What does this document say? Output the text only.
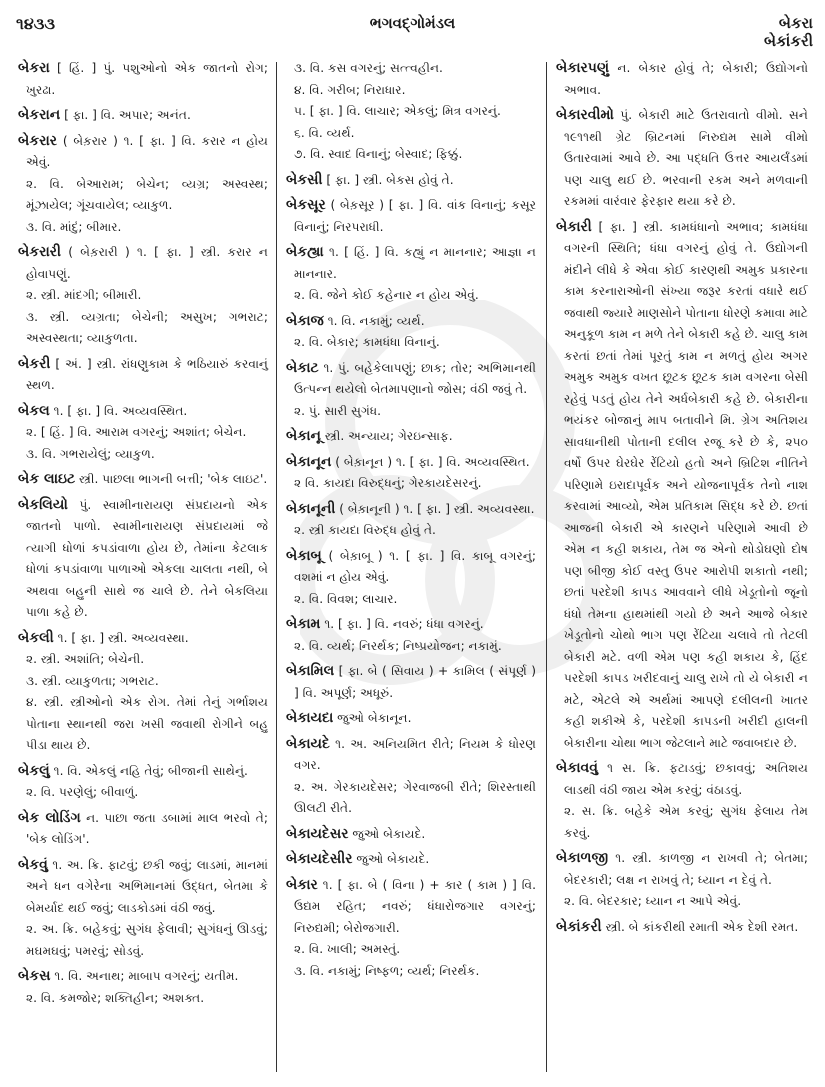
૧૪૩૩	ભગવદ્ગોમંડલ	બેકરા
બેકાંકરી
બેકરા [ હિં. ] પું. પશુઓનો એક જાતનો રોગ; ખુરઢા.
બેકરાન [ ફા. ] વિ. અપાર; અનંત.
બેકરાર ( બેક઼રાર ) ૧. [ ફા. ] વિ. કરાર ન હોય એવું.
૨. વિ. બેઆરામ; બેચેન; વ્યગ્ર; અસ્વસ્થ; મૂંઝાયેલ; ગૂંચવાયેલ; વ્યાકુળ.
૩. વિ. માંદું; બીમાર.
બેકરારી ( બેક઼રારી ) ૧. [ ફા. ] સ્ત્રી. કરાર ન હોવાપણું.
૨. સ્ત્રી. માંદગી; બીમારી.
૩. સ્ત્રી. વ્યગ્રતા; બેચેની; અસુખ; ગભરાટ; અસ્વસ્થતા; વ્યાકુળતા.
બેકરી [ અં. ] સ્ત્રી. રાંધણુકામ કે ભઠિયારું કરવાનું સ્થળ.
બેકલ ૧. [ ફા. ] વિ. અવ્યવસ્થિત.
૨. [ હિં. ] વિ. આરામ વગરનું; અશાંત; બેચેન.
૩. વિ. ગભરાયેલું; વ્યાકુળ.
બેક લાઇટ સ્ત્રી. પાછલા ભાગની બત્તી; 'બેક લાઇટ'.
બેકલિયો પું. સ્વામીનારાયણ સંપ્રદાયનો એક જાતનો પાળો. સ્વામીનારાયણ સંપ્રદાયમાં જે ત્યાગી ધોળાં કપડાંવાળા હોય છે, તેમાંના કેટલાક ધોળાં કપડાંવાળા પાળાઓ એકલા ચાલતા નથી, બે અથવા બહુની સાથે જ ચાલે છે. તેને બેકલિયા પાળા કહે છે.
બેકલી ૧. [ ફા. ] સ્ત્રી. અવ્યવસ્થા.
૨. સ્ત્રી. અશાંતિ; બેચેની.
૩. સ્ત્રી. વ્યાકુળતા; ગભરાટ.
૪. સ્ત્રી. સ્ત્રીઓનો એક રોગ. તેમાં તેનું ગર્ભાશય પોતાના સ્થાનથી જરા ખસી જવાથી રોગીને બહુ પીડા થાય છે.
બેકલું ૧. વિ. એકલું નહિ તેવું; બીજાની સાથેનું.
૨. વિ. પરણેલું; બીવાળું.
બેક લોડિંગ ન. પાછા જતા ડબામાં માલ ભરવો તે; 'બેક લોડિંગ'.
બેકવું ૧. અ. ક્રિ. ફાટવું; છકી જવું; લાડમાં, માનમાં અને ધન વગેરેના અભિમાનમાં ઉદ્ધત, બેતમા કે બેમર્યાદ થઈ જવું; લાડકોડમાં વંઠી જવું.
૨. અ. ક્રિ. બહેકવું; સુગંધ ફેલાવી; સુગંધનું ઊડવું; મઘમઘવું; પમરવું; સોડવું.
બેકસ ૧. વિ. અનાથ; માબાપ વગરનું; યતીમ.
૨. વિ. કમજોર; શક્તિહીન; અશક્ત.
૩. વિ. કસ વગરનું; સત્ત્વહીન.
૪. વિ. ગરીબ; નિરાધાર.
૫. [ ફા. ] વિ. લાચાર; એકલું; મિત્ર વગરનું.
૬. વિ. વ્યર્થ.
૭. વિ. સ્વાદ વિનાનું; બેસ્વાદ; ફિક્કું.
બેકસી [ ફા. ] સ્ત્રી. બેકસ હોવું તે.
બેકસૂર ( બેક઼સૂર ) [ ફા. ] વિ. વાંક વિનાનું; કસૂર વિનાનું; નિરપરાધી.
બેકહ્યા ૧. [ હિં. ] વિ. કહ્યું ન માનનાર; આજ્ઞા ન માનનાર.
૨. વિ. જેને કોઈ કહેનાર ન હોય એવું.
બેકાજ ૧. વિ. નકામું; વ્યર્થ.
૨. વિ. બેકાર; કામધંધા વિનાનું.
બેકાટ ૧. પું. બહેકેલાપણું; છાક; તોર; અભિમાનથી ઉત્પન્ન થયેલો બેતમાપણાનો જોસ; વંઠી જવું તે.
૨. પું. સારી સુગંધ.
બેકાનૂ સ્ત્રી. અન્યાય; ગેરઇન્સાફ.
બેકાનૂન ( બેક઼ાનૂન ) ૧. [ ફા. ] વિ. અવ્યવસ્થિત.
૨ વિ. કાયદા વિરુદ્ધનું; ગેરકાયદેસરનું.
બેકાનૂની ( બેક઼ાનૂની ) ૧. [ ફા. ] સ્ત્રી. અવ્યવસ્થા.
૨. સ્ત્રી કાયદા વિરુદ્ધ હોવું તે.
બેકાબૂ ( બેક઼ાબૂ ) ૧. [ ફા. ] વિ. કાબૂ વગરનું; વશમાં ન હોય એવું.
૨. વિ. વિવશ; લાચાર.
બેકામ ૧. [ ફા. ] વિ. નવરું; ધંધા વગરનું.
૨. વિ. વ્યર્થ; નિરર્થક; નિષ્પ્રયોજન; નકામું.
બેકામિલ [ ફા. બે ( સિવાય ) + કામિલ ( સંપૂર્ણ ) ] વિ. અપૂર્ણ; અધૂરું.
બેકાયદા જુઓ બેકાનૂન.
બેકાયદે ૧. અ. અનિયમિત રીતે; નિયમ કે ધોરણ વગર.
૨. અ. ગેરકાયદેસર; ગેરવાજબી રીતે; શિરસ્તાથી ઊલટી રીતે.
બેકાયદેસર જુઓ બેકાયદે.
બેકાયદેસીર જુઓ બેકાયદે.
બેકાર ૧. [ ફા. બે ( વિના ) + કાર ( કામ ) ] વિ. ઉદ્યમ રહિત; નવરું; ધંધારોજગાર વગરનું; નિરુદ્યમી; બેરોજગારી.
૨. વિ. ખાલી; અમસ્તું.
૩. વિ. નકામું; નિષ્ફળ; વ્યર્થ; નિરર્થક.
બેકારપણું ન. બેકાર હોવું તે; બેકારી; ઉદ્યોગનો અભાવ.
બેકારવીમો પું. બેકારી માટે ઉતરાવાતો વીમો. સને ૧૯૧૧થી ગ્રેટ બ્રિટનમાં નિરુદ્યમ સામે વીમો ઉતારવામાં આવે છે. આ પદ્ધતિ ઉત્તર આયર્લંડમાં પણ ચાલુ થઈ છે. ભરવાની રકમ અને મળવાની રકમમાં વારંવાર ફેરફાર થયા કરે છે.
બેકારી [ ફા. ] સ્ત્રી. કામધંધાનો અભાવ; કામધંધા વગરની સ્થિતિ; ધંધા વગરનું હોવું તે. ઉદ્યોગની મંદીને લીધે કે એવા કોઈ કારણથી અમુક પ્રકારના કામ કરનારાઓની સંખ્યા જરૂર કરતાં વધારે થઈ જવાથી જ્યારે માણસોને પોતાના ધોરણે કમાવા માટે અનુકૂળ કામ ન મળે તેને બેકારી કહે છે. ચાલુ કામ કરતાં છતાં તેમાં પૂરતું કામ ન મળતું હોય અગર અમુક અમુક વખત છૂટક છૂટક કામ વગરના બેસી રહેવું પડતું હોય તેને અર્ધબેકારી કહે છે. બેકારીના ભયંકર બોજાનું માપ બતાવીને મિ. ગ્રેગ અતિશય સાવધાનીથી પોતાની દલીલ રજૂ કરે છે કે, ૨૫૦ વર્ષો ઉપર ઘેરઘેર રેંટિયો હતો અને બ્રિટિશ નીતિને પરિણામે ઇરાદાપૂર્વક અને યોજનાપૂર્વક તેનો નાશ કરવામાં આવ્યો, એમ પ્રતિકામ સિદ્ધ કરે છે. છતાં આજની બેકારી એ કારણને પરિણામે આવી છે એમ ન કહી શકાય, તેમ જ એનો થોડોઘણો દોષ પણ બીજી કોઈ વસ્તુ ઉપર આરોપી શકાતો નથી; છતાં પરદેશી કાપડ આવવાને લીધે ખેડૂતોનો જૂનો ધંધો તેમના હાથમાંથી ગયો છે અને આજે બેકાર ખેડૂતોનો ચોથો ભાગ પણ રેંટિયા ચલાવે તો તેટલી બેકારી મટે. વળી એમ પણ કહી શકાય કે, હિંદ પરદેશી કાપડ ખરીદવાનું ચાલુ રાખે તો યે બેકારી ન મટે, એટલે એ અર્થમાં આપણે દલીલની ખાતર કહી શકીએ કે, પરદેશી કાપડની ખરીદી હાલની બેકારીના ચોથા ભાગ જેટલાને માટે જવાબદાર છે.
બેકાવવું ૧ સ. ક્રિ. ફટાડવું; છકાવવું; અતિશય લાડથી વંઠી જાય એમ કરવું; વંઠાડવું.
૨. સ. ક્રિ. બહેકે એમ કરવું; સુગંધ ફેલાય તેમ કરવું.
બેકાળજી ૧. સ્ત્રી. કાળજી ન રાખવી તે; બેતમા; બેદરકારી; લક્ષ ન રાખવું તે; ધ્યાન ન દેવું તે.
૨. વિ. બેદરકાર; ધ્યાન ન આપે એવું.
બેકાંકરી સ્ત્રી. બે કાંકરીથી રમાતી એક દેશી રમત.
